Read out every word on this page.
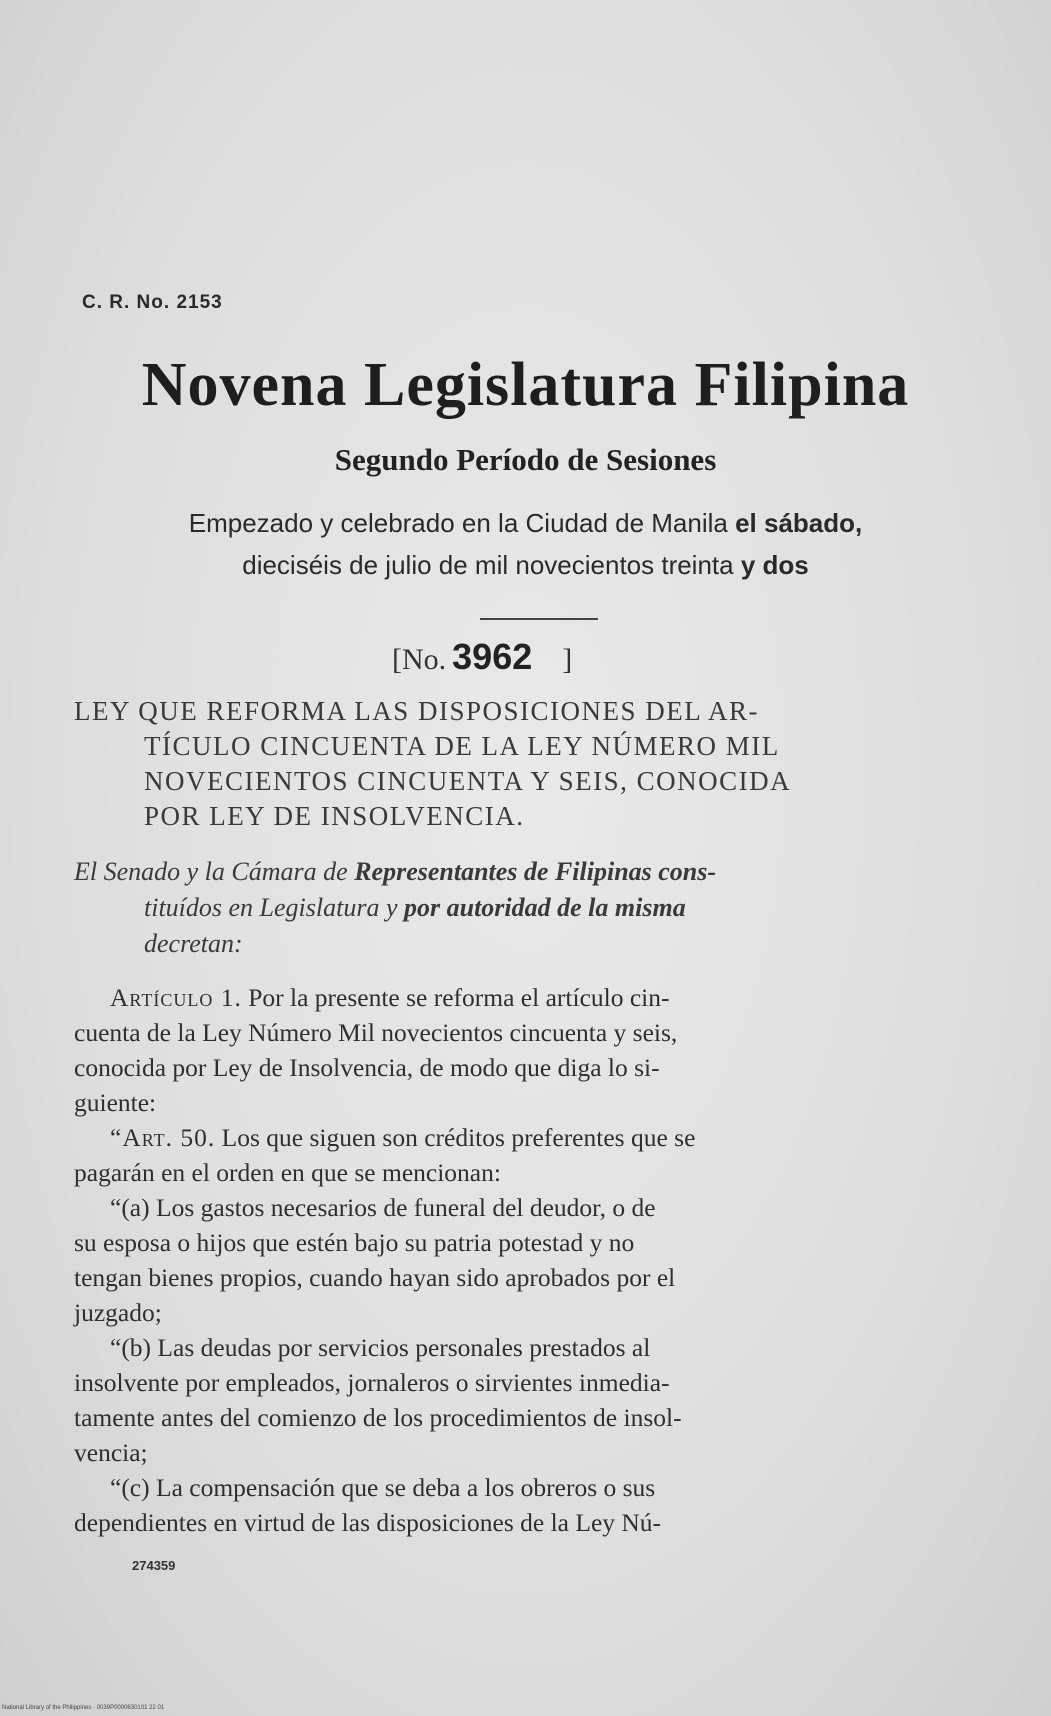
C. R. No. 2153
Novena Legislatura Filipina
Segundo Período de Sesiones
Empezado y celebrado en la Ciudad de Manila el sábado,
dieciséis de julio de mil novecientos treinta y dos
[No. 3962 ]
LEY QUE REFORMA LAS DISPOSICIONES DEL AR-
TÍCULO CINCUENTA DE LA LEY NÚMERO MIL
NOVECIENTOS CINCUENTA Y SEIS, CONOCIDA
POR LEY DE INSOLVENCIA.
El Senado y la Cámara de Representantes de Filipinas cons-
tituídos en Legislatura y por autoridad de la misma
decretan:
Artículo 1. Por la presente se reforma el artículo cin-
cuenta de la Ley Número Mil novecientos cincuenta y seis,
conocida por Ley de Insolvencia, de modo que diga lo si-
guiente:
“Art. 50. Los que siguen son créditos preferentes que se
pagarán en el orden en que se mencionan:
“(a) Los gastos necesarios de funeral del deudor, o de
su esposa o hijos que estén bajo su patria potestad y no
tengan bienes propios, cuando hayan sido aprobados por el
juzgado;
“(b) Las deudas por servicios personales prestados al
insolvente por empleados, jornaleros o sirvientes inmedia-
tamente antes del comienzo de los procedimientos de insol-
vencia;
“(c) La compensación que se deba a los obreros o sus
dependientes en virtud de las disposiciones de la Ley Nú-
274359
National Library of the Philippines · 0039P0000630101 22 01
